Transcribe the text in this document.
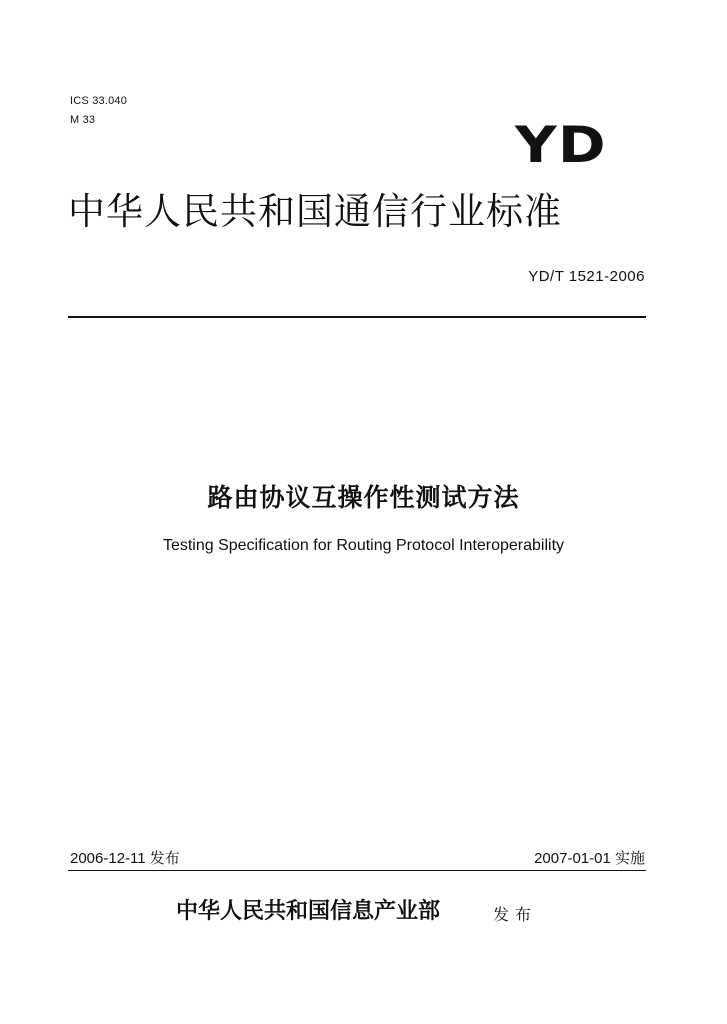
ICS 33.040
M 33	YD
中华人民共和国通信行业标准
YD/T 1521-2006
路由协议互操作性测试方法
Testing Specification for Routing Protocol Interoperability
2006-12-11 发布	2007-01-01 实施
中华人民共和国信息产业部	发布
